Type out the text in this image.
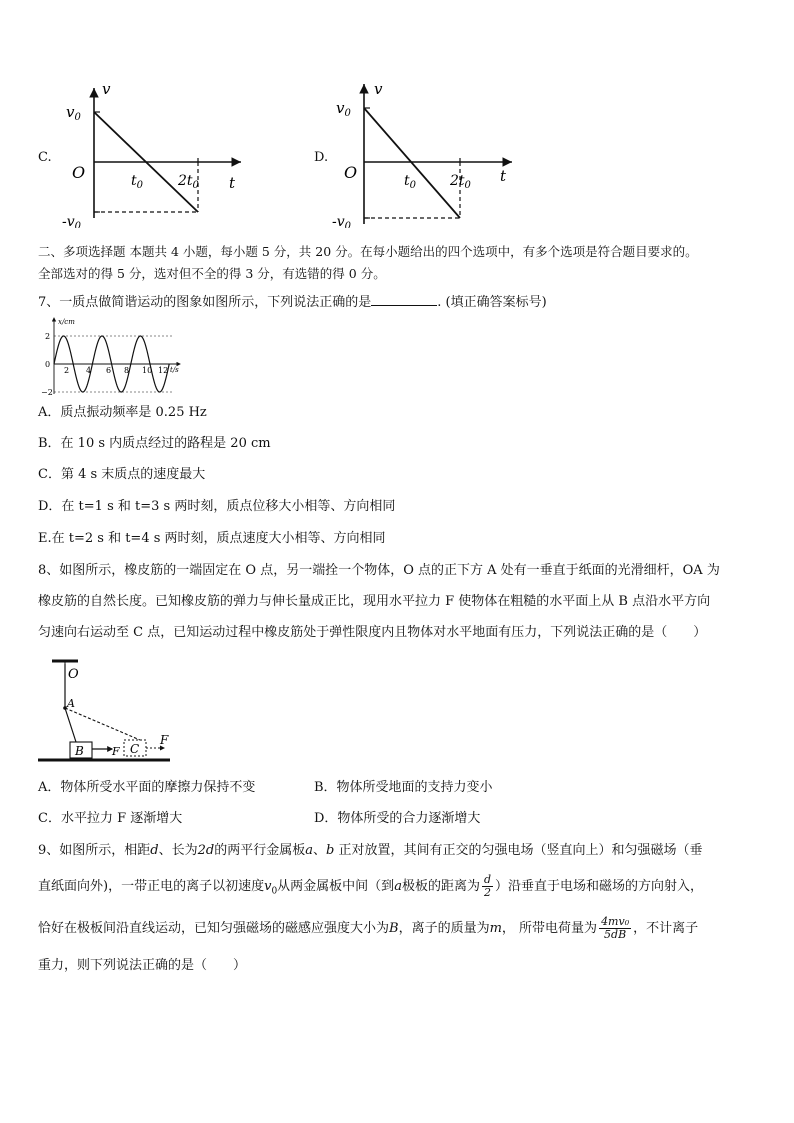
C.
v
$v_0$
O	$t_0$ $2t_0$ t
$-v_0$
D.
v
$v_0$
O	$t_0$ $2t_0$
t
$-v_0$
二、多项选择题 本题共 4 小题，每小题 5 分，共 20 分。在每小题给出的四个选项中，有多个选项是符合题目要求的。
全部选对的得 5 分，选对但不全的得 3 分，有选错的得 0 分。
7、一质点做简谐运动的图象如图所示，下列说法正确的是	. (填正确答案标号)
x/cm
t/s
2
0
−2
2 4 6 8 10 12
A．质点振动频率是 0.25 Hz
B．在 10 s 内质点经过的路程是 20 cm
C．第 4 s 末质点的速度最大
D．在 t=1 s 和 t=3 s 两时刻，质点位移大小相等、方向相同
E.在 t=2 s 和 t=4 s 两时刻，质点速度大小相等、方向相同
8、如图所示，橡皮筋的一端固定在 O 点，另一端拴一个物体，O 点的正下方 A 处有一垂直于纸面的光滑细杆，OA 为
橡皮筋的自然长度。已知橡皮筋的弹力与伸长量成正比，现用水平拉力 F 使物体在粗糙的水平面上从 B 点沿水平方向
匀速向右运动至 C 点，已知运动过程中橡皮筋处于弹性限度内且物体对水平地面有压力，下列说法正确的是（　　）
O
A
B	C
F
F
A．物体所受水平面的摩擦力保持不变	B．物体所受地面的支持力变小
C．水平拉力 F 逐渐增大	D．物体所受的合力逐渐增大
9、如图所示，相距d、长为2d的两平行金属板a、b 正对放置，其间有正交的匀强电场（竖直向上）和匀强磁场（垂
直纸面向外)，一带正电的离子以初速度$v_0$从两金属板中间（到a极板的距离为 $\frac{d}{2}$ ）沿垂直于电场和磁场的方向射入，
恰好在极板间沿直线运动，已知匀强磁场的磁感应强度大小为B，离子的质量为m， 所带电荷量为 $\frac{\text{4mv₀}}{5dB}$ ，不计离子
重力，则下列说法正确的是（　　）
